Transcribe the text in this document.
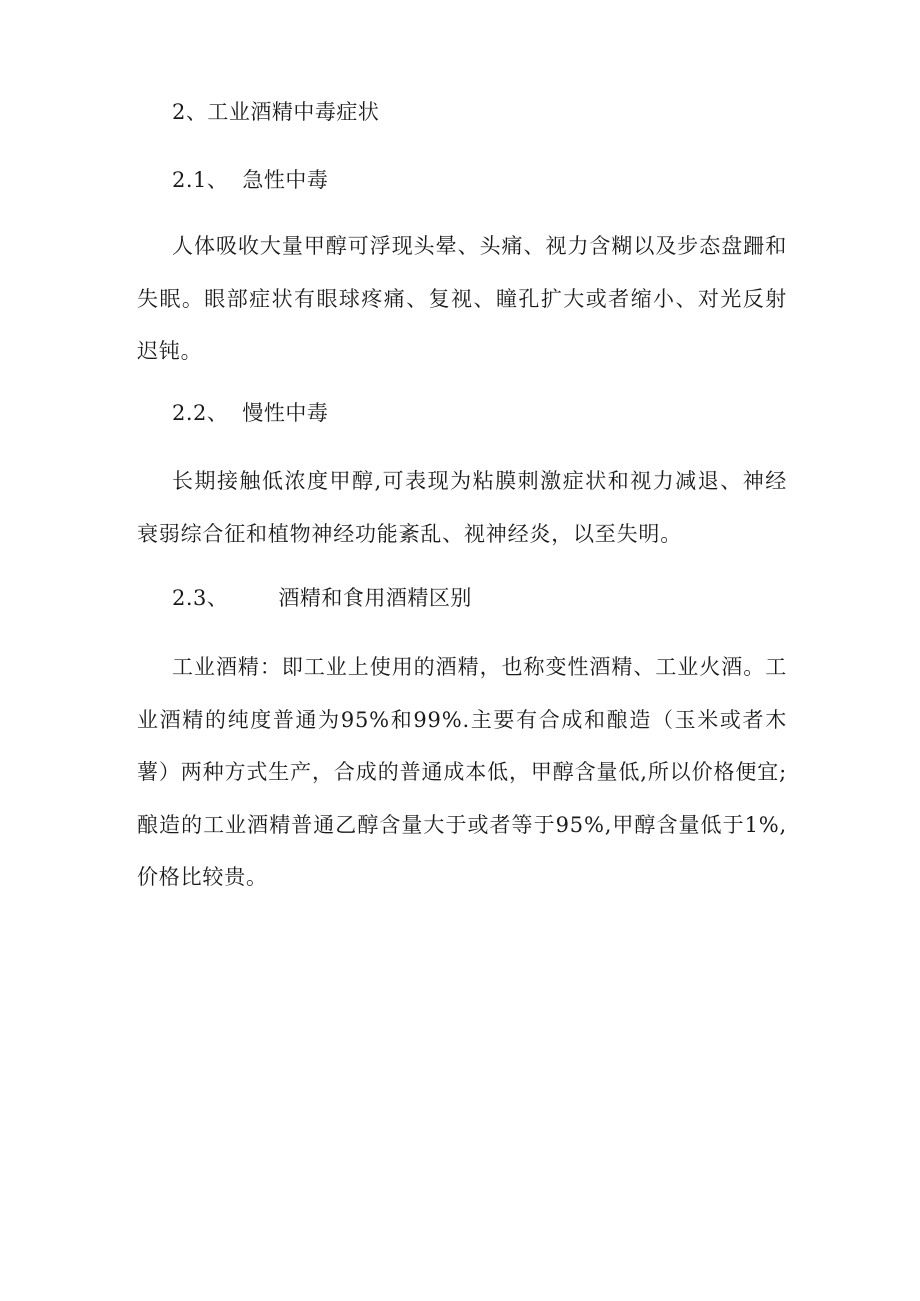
2、工业酒精中毒症状
2.1、 急性中毒
人体吸收大量甲醇可浮现头晕、头痛、视力含糊以及步态盘跚和失眠。眼部症状有眼球疼痛、复视、瞳孔扩大或者缩小、对光反射迟钝。
2.2、 慢性中毒
长期接触低浓度甲醇,可表现为粘膜刺激症状和视力减退、神经衰弱综合征和植物神经功能紊乱、视神经炎，以至失明。
2.3、 酒精和食用酒精区别
工业酒精：即工业上使用的酒精，也称变性酒精、工业火酒。工业酒精的纯度普通为95%和99%.主要有合成和酿造（玉米或者木薯）两种方式生产，合成的普通成本低，甲醇含量低,所以价格便宜;酿造的工业酒精普通乙醇含量大于或者等于95%,甲醇含量低于1%,价格比较贵。
